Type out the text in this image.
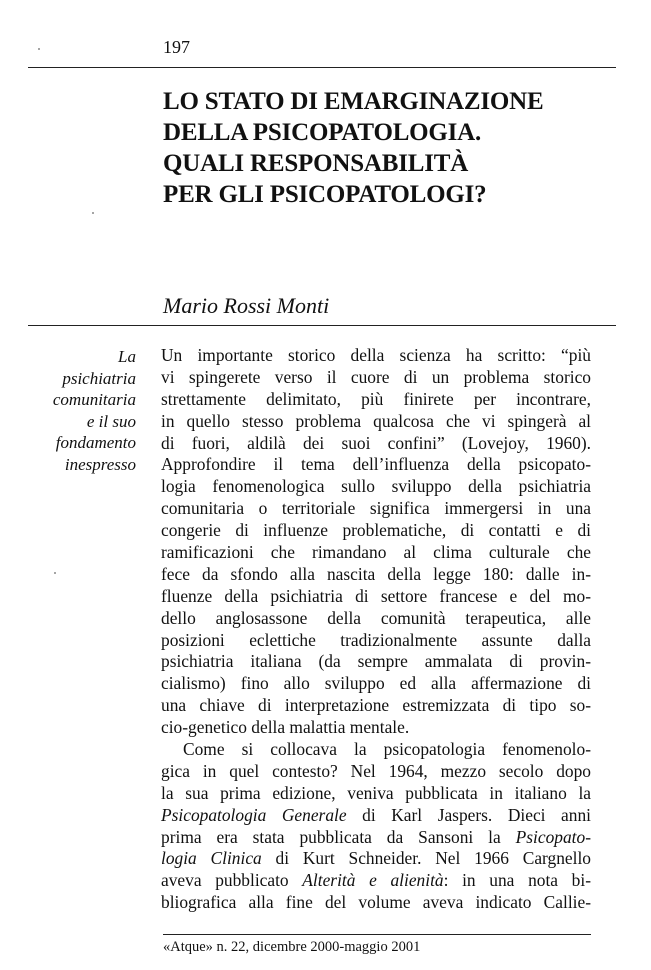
197
LO STATO DI EMARGINAZIONE
DELLA PSICOPATOLOGIA.
QUALI RESPONSABILITÀ
PER GLI PSICOPATOLOGI?
Mario Rossi Monti
La
psichiatria
comunitaria
e il suo
fondamento
inespresso
Un importante storico della scienza ha scritto: “più
vi spingerete verso il cuore di un problema storico
strettamente delimitato, più finirete per incontrare,
in quello stesso problema qualcosa che vi spingerà al
di fuori, aldilà dei suoi confini” (Lovejoy, 1960).
Approfondire il tema dell’influenza della psicopato-
logia fenomenologica sullo sviluppo della psichiatria
comunitaria o territoriale significa immergersi in una
congerie di influenze problematiche, di contatti e di
ramificazioni che rimandano al clima culturale che
fece da sfondo alla nascita della legge 180: dalle in-
fluenze della psichiatria di settore francese e del mo-
dello anglosassone della comunità terapeutica, alle
posizioni eclettiche tradizionalmente assunte dalla
psichiatria italiana (da sempre ammalata di provin-
cialismo) fino allo sviluppo ed alla affermazione di
una chiave di interpretazione estremizzata di tipo so-
cio-genetico della malattia mentale.
Come si collocava la psicopatologia fenomenolo-
gica in quel contesto? Nel 1964, mezzo secolo dopo
la sua prima edizione, veniva pubblicata in italiano la
Psicopatologia Generale di Karl Jaspers. Dieci anni
prima era stata pubblicata da Sansoni la Psicopato-
logia Clinica di Kurt Schneider. Nel 1966 Cargnello
aveva pubblicato Alterità e alienità: in una nota bi-
bliografica alla fine del volume aveva indicato Callie-
«Atque» n. 22, dicembre 2000-maggio 2001
